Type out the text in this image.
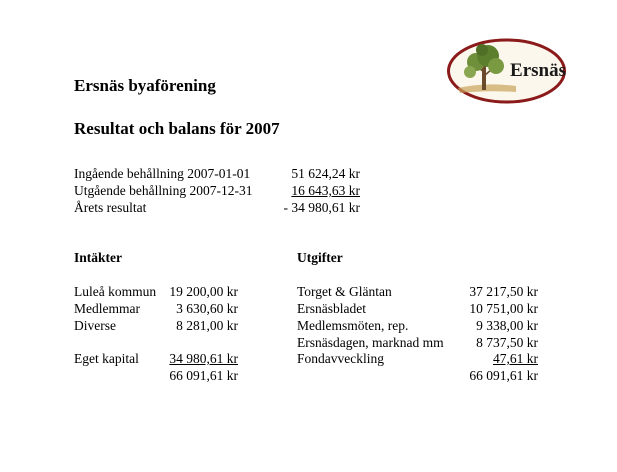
Ersnäs
Ersnäs byaförening
Resultat och balans för 2007
Ingående behållning 2007-01-01	51 624,24 kr
Utgående behållning 2007-12-31	16 643,63 kr
Årets resultat	- 34 980,61 kr
Intäkter
Luleå kommun 19 200,00 kr
Medlemmar	3 630,60 kr
Diverse	8 281,00 kr
Eget kapital	34 980,61 kr
66 091,61 kr
Utgifter
Torget & Gläntan	37 217,50 kr
Ersnäsbladet	10 751,00 kr
Medlemsmöten, rep.	9 338,00 kr
Ersnäsdagen, marknad mm	8 737,50 kr
Fondavveckling	47,61 kr
66 091,61 kr
